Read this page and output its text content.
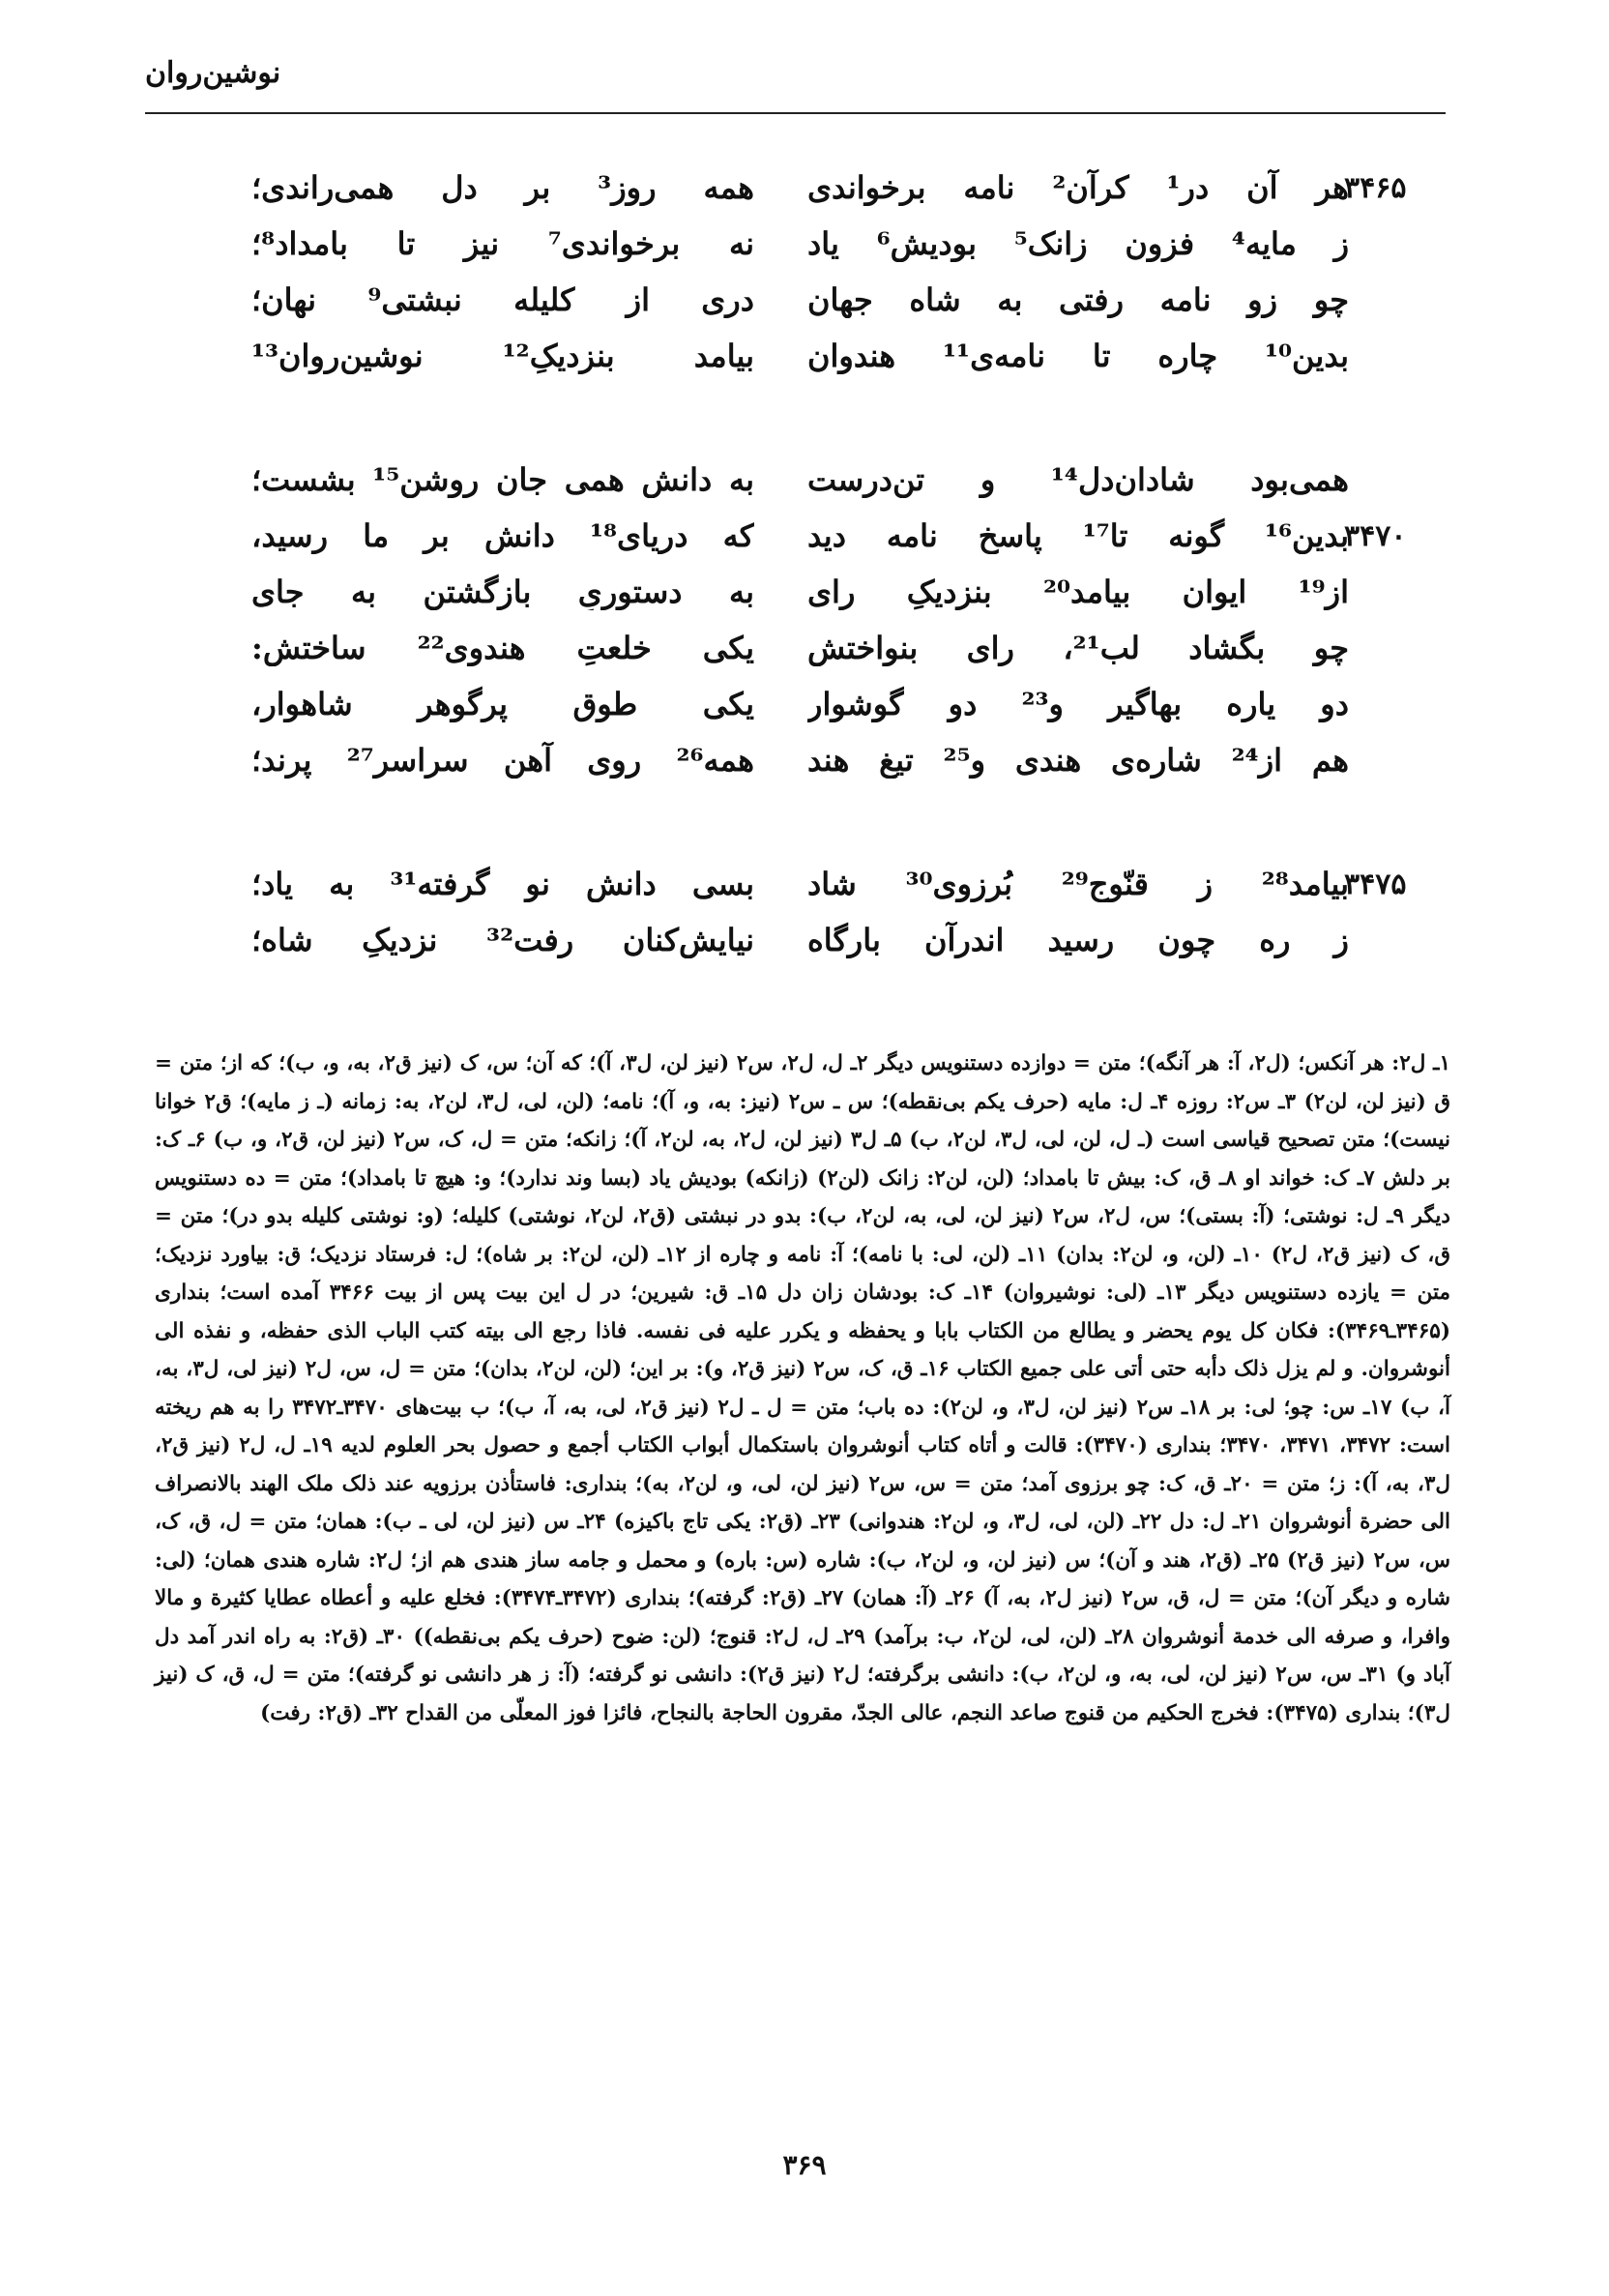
نوشین‌روان
۳۴۶۵
هر آن در¹ کرآن² نامه برخواندی
همه روز³ بر دل همی‌راندی؛
ز مایه⁴ فزون زانک⁵ بودیش⁶ یاد
نه برخواندی⁷ نیز تا بامداد⁸؛
چو زو نامه رفتی به شاه جهان
دری از کلیله نبشتی⁹ نهان؛
بدین¹⁰ چاره تا نامه‌ی¹¹ هندوان
بیامد بنزدیکِ¹² نوشین‌روان¹³
همی‌بود شادان‌دل¹⁴ و تن‌درست
به دانش همی جان روشن¹⁵ بشست؛
۳۴۷۰
بدین¹⁶ گونه تا¹⁷ پاسخ نامه دید
که دریای¹⁸ دانش بر ما رسید،
از¹⁹ ایوان بیامد²⁰ بنزدیکِ رای
به دستوریِ بازگشتن به جای
چو بگشاد لب²¹، رای بنواختش
یکی خلعتِ هندوی²² ساختش:
دو یاره بهاگیر و²³ دو گوشوار
یکی طوقِ پرگوهرِ شاهوار،
هم از²⁴ شاره‌ی هندی و²⁵ تیغِ هند
همه²⁶ روی آهن سراسر²⁷ پرند؛
۳۴۷۵
بیامد²⁸ ز قنّوج²⁹ بُرزوی³⁰ شاد
بسی دانش نو گرفته³¹ به یاد؛
ز ره چون رسید اندرآن بارگاه
نیایش‌کنان رفت³² نزدیکِ شاه؛
۱ـ ل۲: هر آنکس؛ (ل۲، آ: هر آنگه)؛ متن = دوازده دستنویس دیگر ۲ـ ل، ل۲، س۲ (نیز لن، ل۳، آ)؛ که آن؛ س، ک (نیز ق۲، به، و، ب)؛ که از؛ متن = ق (نیز لن، لن۲) ۳ـ س۲: روزه ۴ـ ل: مایه (حرف یکم بی‌نقطه)؛ س ـ س۲ (نیز: به، و، آ)؛ نامه؛ (لن، لی، ل۳، لن۲، به: زمانه (ـ ز مایه)؛ ق۲ خوانا نیست)؛ متن تصحیح قیاسی است (ـ ل، لن، لی، ل۳، لن۲، ب) ۵ـ ل۳ (نیز لن، ل۲، به، لن۲، آ)؛ زانکه؛ متن = ل، ک، س۲ (نیز لن، ق۲، و، ب) ۶ـ ک: بر دلش ۷ـ ک: خواند او ۸ـ ق، ک: بیش تا بامداد؛ (لن، لن۲: زانک (لن۲) (زانکه) بودیش یاد (بسا وند ندارد)؛ و: هیچ تا بامداد)؛ متن = ده دستنویس دیگر ۹ـ ل: نوشتی؛ (آ: بستی)؛ س، ل۲، س۲ (نیز لن، لی، به، لن۲، ب): بدو در نبشتی (ق۲، لن۲، نوشتی) کلیله؛ (و: نوشتی کلیله بدو در)؛ متن = ق، ک (نیز ق۲، ل۲) ۱۰ـ (لن، و، لن۲: بدان) ۱۱ـ (لن، لی: با نامه)؛ آ: نامه و چاره از ۱۲ـ (لن، لن۲: بر شاه)؛ ل: فرستاد نزدیک؛ ق: بیاورد نزدیک؛ متن = یازده دستنویس دیگر ۱۳ـ (لی: نوشیروان) ۱۴ـ ک: بودشان زان دل ۱۵ـ ق: شیرین؛ در ل این بیت پس از بیت ۳۴۶۶ آمده است؛ بنداری (۳۴۶۵ـ۳۴۶۹): فکان کل یوم یحضر و یطالع من الکتاب بابا و یحفظه و یکرر علیه فی نفسه. فاذا رجع الی بیته کتب الباب الذی حفظه، و نفذه الی أنوشروان. و لم یزل ذلک دأبه حتی أتی علی جمیع الکتاب ۱۶ـ ق، ک، س۲ (نیز ق۲، و): بر این؛ (لن، لن۲، بدان)؛ متن = ل، س، ل۲ (نیز لی، ل۳، به، آ، ب) ۱۷ـ س: چو؛ لی: بر ۱۸ـ س۲ (نیز لن، ل۳، و، لن۲): ده باب؛ متن = ل ـ ل۲ (نیز ق۲، لی، به، آ، ب)؛ ب بیت‌های ۳۴۷۰ـ۳۴۷۲ را به هم ریخته است: ۳۴۷۲، ۳۴۷۱، ۳۴۷۰؛ بنداری (۳۴۷۰): قالت و أتاه کتاب أنوشروان باستکمال أبواب الکتاب أجمع و حصول بحر العلوم لدیه ۱۹ـ ل، ل۲ (نیز ق۲، ل۳، به، آ): ز؛ متن = ۲۰ـ ق، ک: چو برزوی آمد؛ متن = س، س۲ (نیز لن، لی، و، لن۲، به)؛ بنداری: فاستأذن برزویه عند ذلک ملک الهند بالانصراف الی حضرة أنوشروان ۲۱ـ ل: دل ۲۲ـ (لن، لی، ل۳، و، لن۲: هندوانی) ۲۳ـ (ق۲: یکی تاج باکیزه) ۲۴ـ س (نیز لن، لی ـ ب): همان؛ متن = ل، ق، ک، س، س۲ (نیز ق۲) ۲۵ـ (ق۲، هند و آن)؛ س (نیز لن، و، لن۲، ب): شاره (س: باره) و محمل و جامه ساز هندی هم از؛ ل۲: شاره هندی همان؛ (لی: شاره و دیگر آن)؛ متن = ل، ق، س۲ (نیز ل۲، به، آ) ۲۶ـ (آ: همان) ۲۷ـ (ق۲: گرفته)؛ بنداری (۳۴۷۲ـ۳۴۷۴): فخلع علیه و أعطاه عطایا کثیرة و مالا وافرا، و صرفه الی خدمة أنوشروان ۲۸ـ (لن، لی، لن۲، ب: برآمد) ۲۹ـ ل، ل۲: قنوج؛ (لن: ضوح (حرف یکم بی‌نقطه)) ۳۰ـ (ق۲: به راه اندر آمد دل آباد و) ۳۱ـ س، س۲ (نیز لن، لی، به، و، لن۲، ب): دانشی برگرفته؛ ل۲ (نیز ق۲): دانشی نو گرفته؛ (آ: ز هر دانشی نو گرفته)؛ متن = ل، ق، ک (نیز ل۳)؛ بنداری (۳۴۷۵): فخرج الحکیم من قنوج صاعد النجم، عالی الجدّ، مقرون الحاجة بالنجاح، فائزا فوز المعلّی من القداح ۳۲ـ (ق۲: رفت)
۳۶۹
